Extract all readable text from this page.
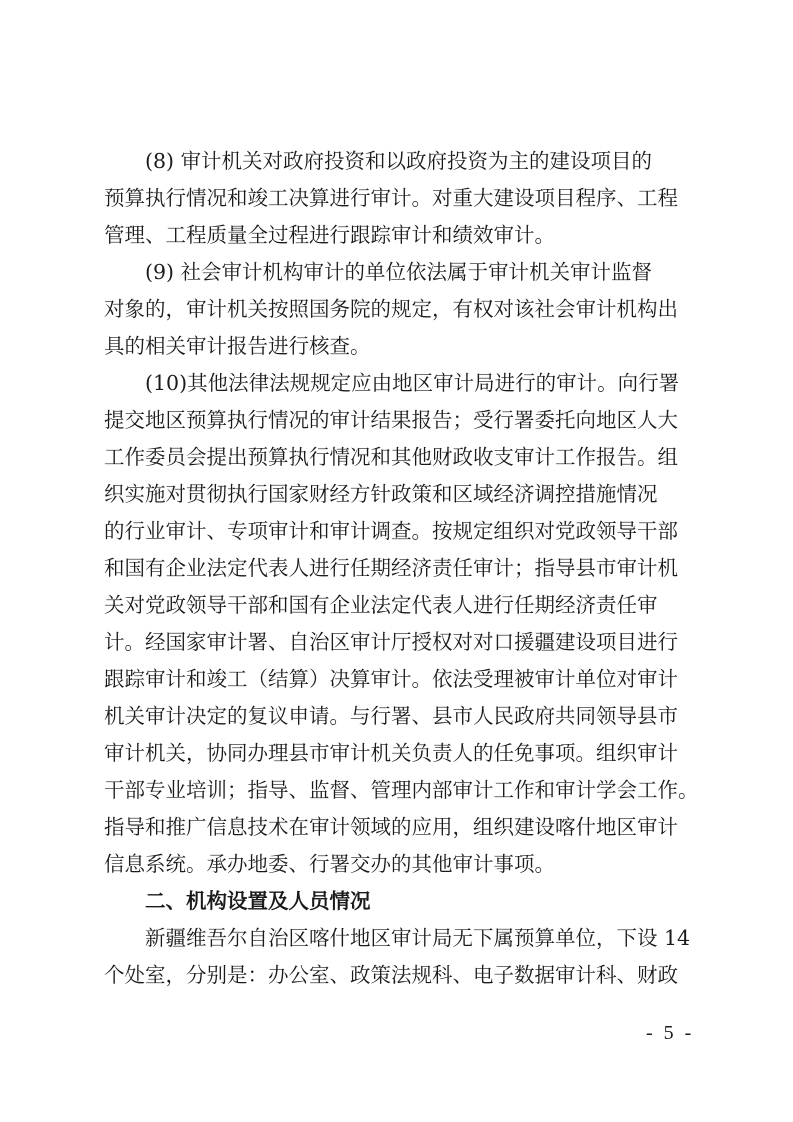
　　(8) 审计机关对政府投资和以政府投资为主的建设项目的
预算执行情况和竣工决算进行审计。对重大建设项目程序、工程
管理、工程质量全过程进行跟踪审计和绩效审计。
　　(9) 社会审计机构审计的单位依法属于审计机关审计监督
对象的，审计机关按照国务院的规定，有权对该社会审计机构出
具的相关审计报告进行核查。
　　(10)其他法律法规规定应由地区审计局进行的审计。向行署
提交地区预算执行情况的审计结果报告；受行署委托向地区人大
工作委员会提出预算执行情况和其他财政收支审计工作报告。组
织实施对贯彻执行国家财经方针政策和区域经济调控措施情况
的行业审计、专项审计和审计调查。按规定组织对党政领导干部
和国有企业法定代表人进行任期经济责任审计；指导县市审计机
关对党政领导干部和国有企业法定代表人进行任期经济责任审
计。经国家审计署、自治区审计厅授权对对口援疆建设项目进行
跟踪审计和竣工（结算）决算审计。依法受理被审计单位对审计
机关审计决定的复议申请。与行署、县市人民政府共同领导县市
审计机关，协同办理县市审计机关负责人的任免事项。组织审计
干部专业培训；指导、监督、管理内部审计工作和审计学会工作。
指导和推广信息技术在审计领域的应用，组织建设喀什地区审计
信息系统。承办地委、行署交办的其他审计事项。
　　二、机构设置及人员情况
　　新疆维吾尔自治区喀什地区审计局无下属预算单位，下设 14
个处室，分别是：办公室、政策法规科、电子数据审计科、财政
- 5 -
